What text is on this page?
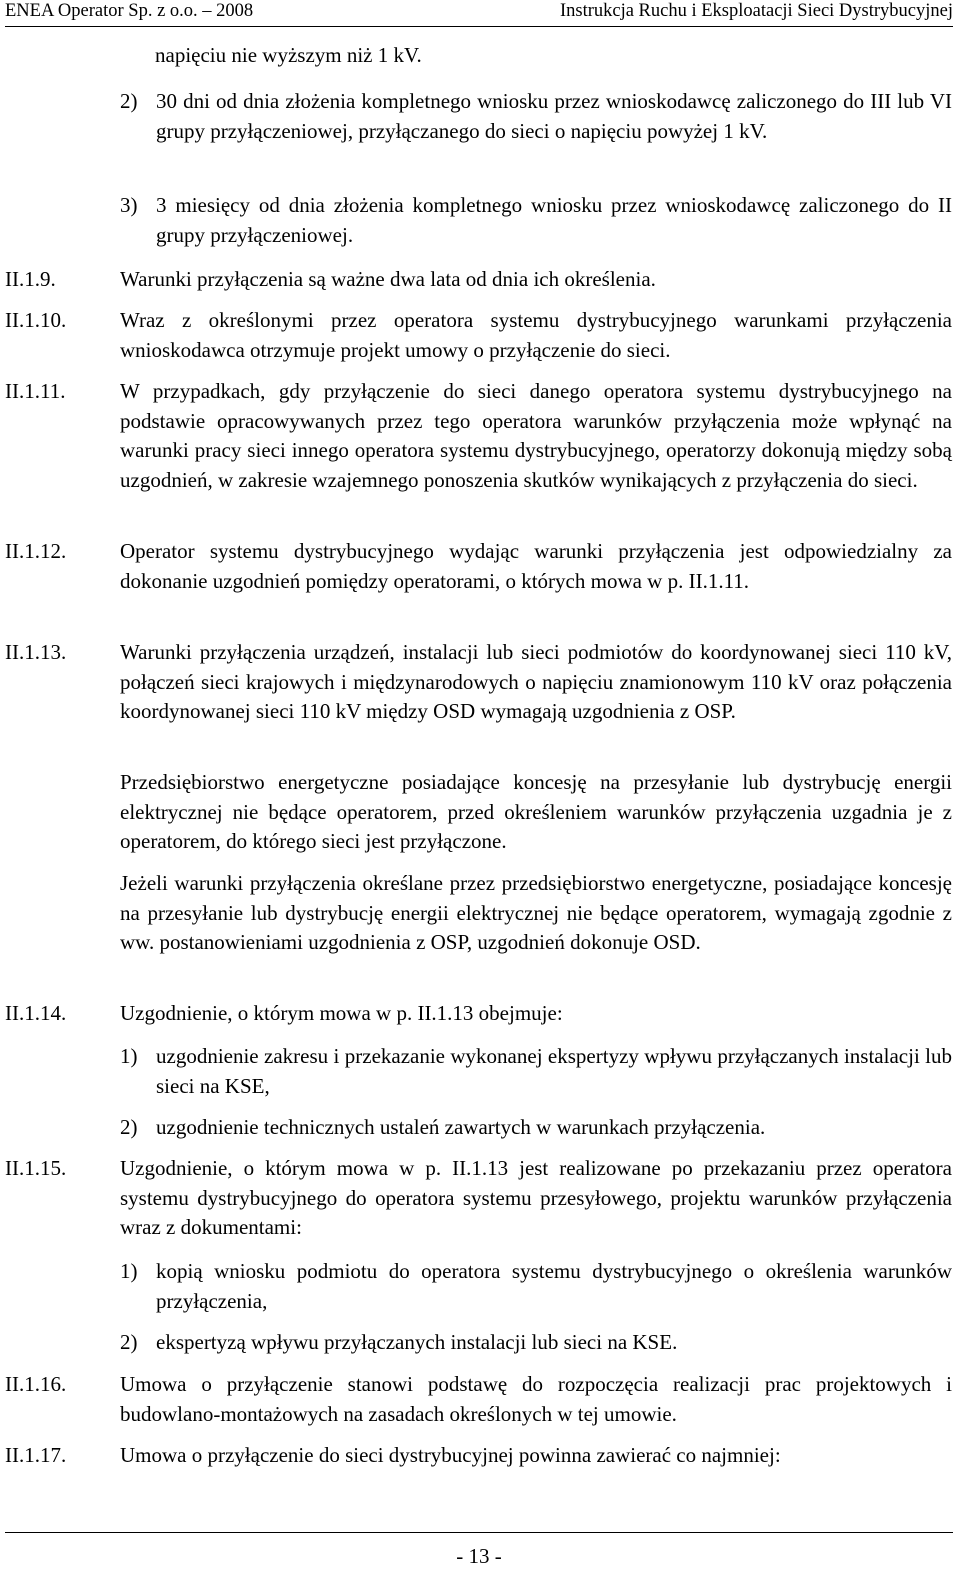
ENEA Operator Sp. z o.o. – 2008	Instrukcja Ruchu i Eksploatacji Sieci Dystrybucyjnej
napięciu nie wyższym niż 1 kV.
2) 30 dni od dnia złożenia kompletnego wniosku przez wnioskodawcę zaliczonego do III lub VI grupy przyłączeniowej, przyłączanego do sieci o napięciu powyżej 1 kV.
3) 3 miesięcy od dnia złożenia kompletnego wniosku przez wnioskodawcę zaliczonego do II grupy przyłączeniowej.
II.1.9.	Warunki przyłączenia są ważne dwa lata od dnia ich określenia.
II.1.10.	Wraz z określonymi przez operatora systemu dystrybucyjnego warunkami przyłączenia wnioskodawca otrzymuje projekt umowy o przyłączenie do sieci.
II.1.11.	W przypadkach, gdy przyłączenie do sieci danego operatora systemu dystrybucyjnego na podstawie opracowywanych przez tego operatora warunków przyłączenia może wpłynąć na warunki pracy sieci innego operatora systemu dystrybucyjnego, operatorzy dokonują między sobą uzgodnień, w zakresie wzajemnego ponoszenia skutków wynikających z przyłączenia do sieci.
II.1.12.	Operator systemu dystrybucyjnego wydając warunki przyłączenia jest odpowiedzialny za dokonanie uzgodnień pomiędzy operatorami, o których mowa w p. II.1.11.
II.1.13.	Warunki przyłączenia urządzeń, instalacji lub sieci podmiotów do koordynowanej sieci 110 kV, połączeń sieci krajowych i międzynarodowych o napięciu znamionowym 110 kV oraz połączenia koordynowanej sieci 110 kV między OSD wymagają uzgodnienia z OSP.
Przedsiębiorstwo energetyczne posiadające koncesję na przesyłanie lub dystrybucję energii elektrycznej nie będące operatorem, przed określeniem warunków przyłączenia uzgadnia je z operatorem, do którego sieci jest przyłączone.
Jeżeli warunki przyłączenia określane przez przedsiębiorstwo energetyczne, posiadające koncesję na przesyłanie lub dystrybucję energii elektrycznej nie będące operatorem, wymagają zgodnie z ww. postanowieniami uzgodnienia z OSP, uzgodnień dokonuje OSD.
II.1.14.	Uzgodnienie, o którym mowa w p. II.1.13 obejmuje:
1) uzgodnienie zakresu i przekazanie wykonanej ekspertyzy wpływu przyłączanych instalacji lub sieci na KSE,
2) uzgodnienie technicznych ustaleń zawartych w warunkach przyłączenia.
II.1.15.	Uzgodnienie, o którym mowa w p. II.1.13 jest realizowane po przekazaniu przez operatora systemu dystrybucyjnego do operatora systemu przesyłowego, projektu warunków przyłączenia wraz z dokumentami:
1) kopią wniosku podmiotu do operatora systemu dystrybucyjnego o określenia warunków przyłączenia,
2) ekspertyzą wpływu przyłączanych instalacji lub sieci na KSE.
II.1.16.	Umowa o przyłączenie stanowi podstawę do rozpoczęcia realizacji prac projektowych i budowlano-montażowych na zasadach określonych w tej umowie.
II.1.17.	Umowa o przyłączenie do sieci dystrybucyjnej powinna zawierać co najmniej:
- 13 -
